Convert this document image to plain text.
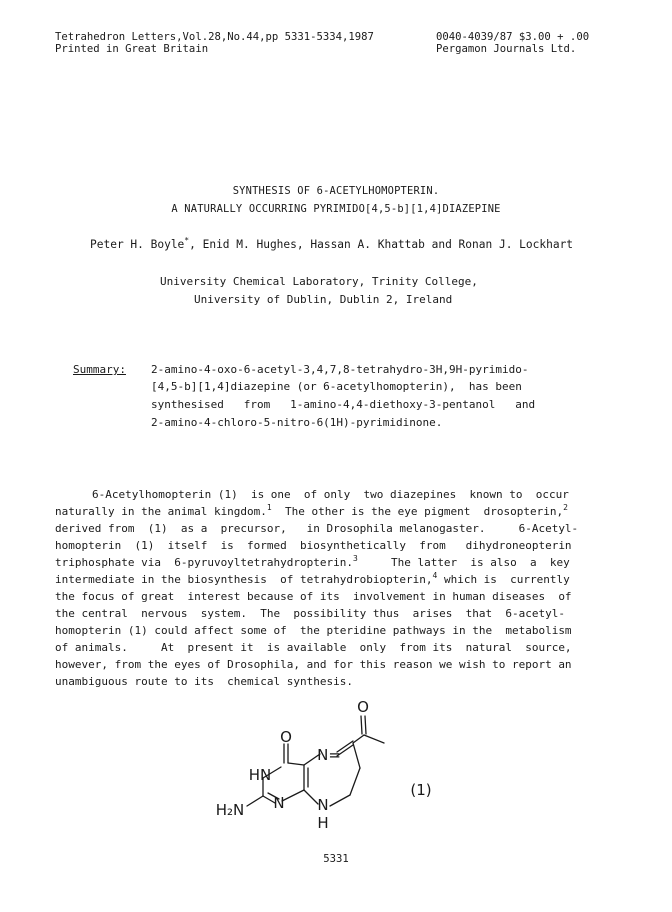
Tetrahedron Letters,Vol.28,No.44,pp 5331-5334,1987
Printed in Great Britain
0040-4039/87 $3.00 + .00
Pergamon Journals Ltd.
SYNTHESIS OF 6-ACETYLHOMOPTERIN.
A NATURALLY OCCURRING PYRIMIDO[4,5-b][1,4]DIAZEPINE
Peter H. Boyle*, Enid M. Hughes, Hassan A. Khattab and Ronan J. Lockhart
University Chemical Laboratory, Trinity College,
University of Dublin, Dublin 2, Ireland
Summary: 2-amino-4-oxo-6-acetyl-3,4,7,8-tetrahydro-3H,9H-pyrimido-
[4,5-b][1,4]diazepine (or 6-acetylhomopterin),  has been
synthesised   from   1-amino-4,4-diethoxy-3-pentanol   and
2-amino-4-chloro-5-nitro-6(1H)-pyrimidinone.
6-Acetylhomopterin (1)  is one  of only  two diazepines  known to  occur
naturally in the animal kingdom.$^1$  The other is the eye pigment  drosopterin,$^2$
derived from  (1)  as a  precursor,   in Drosophila melanogaster.     6-Acetyl-
homopterin  (1)  itself  is  formed  biosynthetically  from   dihydroneopterin
triphosphate via  6-pyruvoyltetrahydropterin.$^3$     The latter  is also  a  key
intermediate in the biosynthesis  of tetrahydrobiopterin,$^4$ which is  currently
the focus of great  interest because of its  involvement in human diseases  of
the central  nervous  system.  The  possibility thus  arises  that  6-acetyl-
homopterin (1) could affect some of  the pteridine pathways in the  metabolism
of animals.     At  present it  is available  only  from its  natural  source,
however, from the eyes of Drosophila, and for this reason we wish to report an
unambiguous route to its  chemical synthesis.
O
O
N=
HN
H₂N N N
H
(1)
5331
